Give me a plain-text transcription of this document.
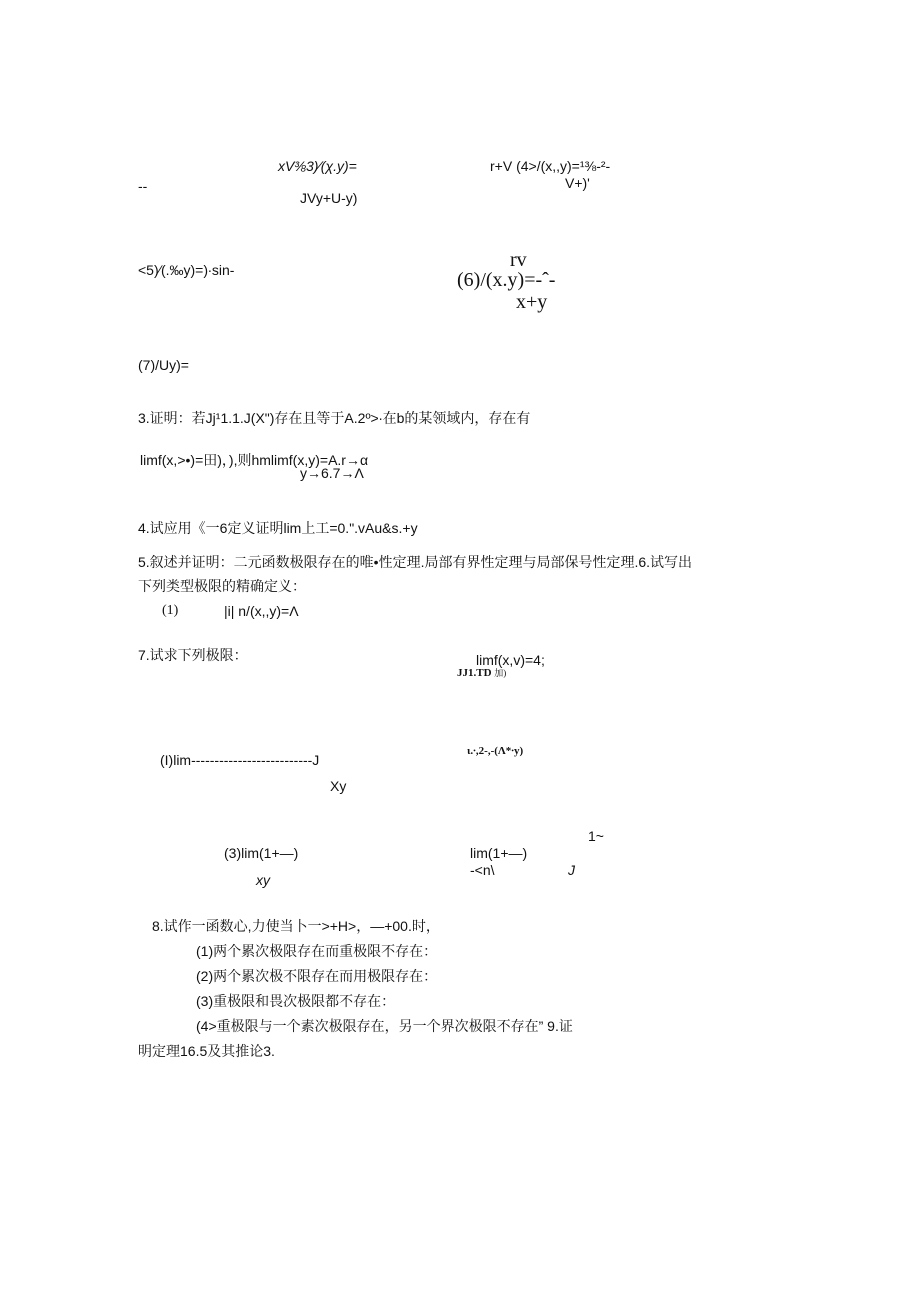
xV⅜3)∕(χ.y)=	r+V (4>/(x,,y)=¹⅜-²-
V+)'
--
JVy+U-y)
<5)∕(.‰y)=)∙sin-	rv
(6)/(x.y)=-ˆ-
x+y
(7)/Uy)=
3.证明：若Jj¹1.1.J(X")存在且等于A.2º>∙在b的某领域内，存在有
limf(x,>•)=田)，),则hmlimf(x,y)=A.r→α
y→6.7→Λ
4.试应用《一6定义证明lim上工=0.".vAu&s.+y
5.叙述并证明：二元函数极限存在的唯•性定理.局部有界性定理与局部保号性定理.6.试写出
下列类型极限的精确定义：
(1)	|i| n/(x,,y)=Λ
7.试求下列极限：	limf(x,v)=4;
JJ1.TD 加)
ι.∙,2-,-(Λ*∙y)
(I)lim--------------------------J
Xy
1~
(3)lim(1+—)	lim(1+—)
-<n\	J
xy
8.试作一函数心,力使当卜一>+H>，—+00.时，
(1)两个累次极限存在而重极限不存在：
(2)两个累次极不限存在而用极限存在：
(3)重极限和畏次极限都不存在：
(4>重极限与一个素次极限存在，另一个界次极限不存在” 9.证
明定理16.5及其推论3.
